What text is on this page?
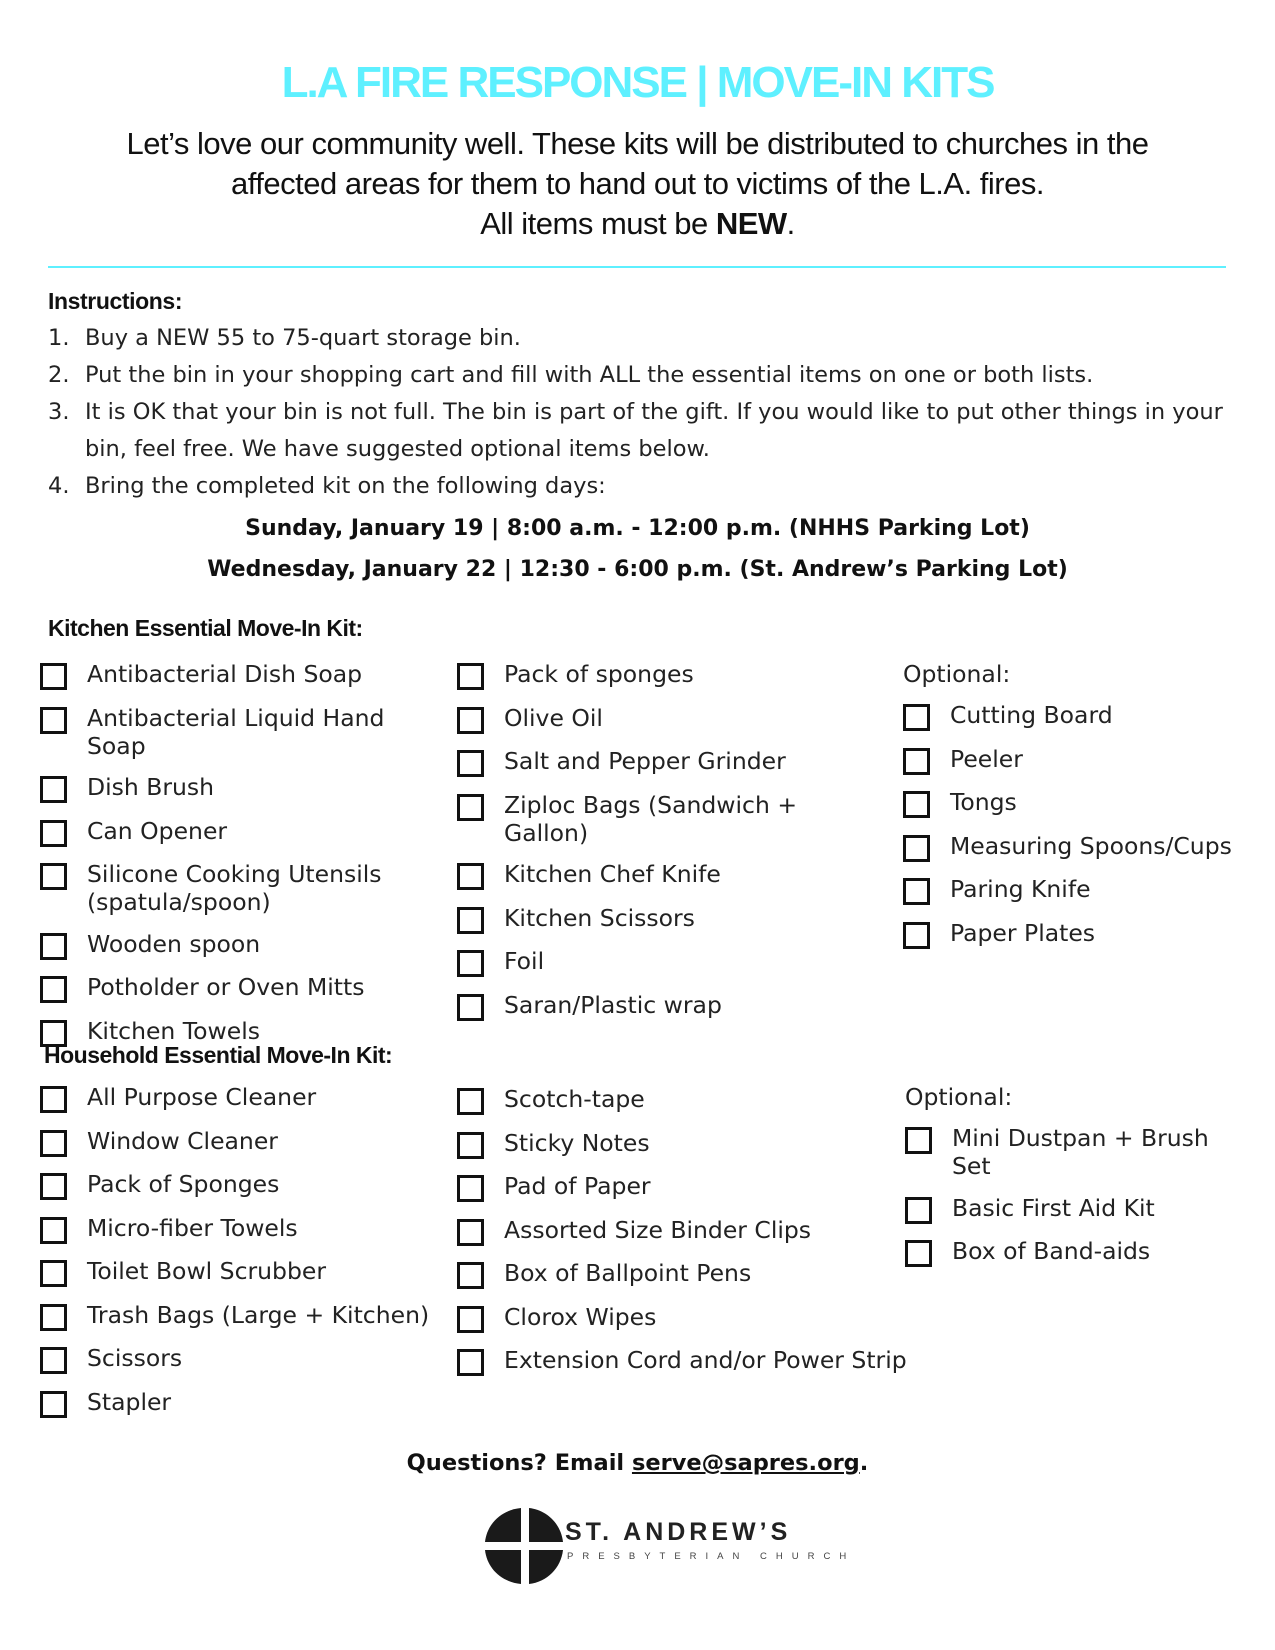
L.A FIRE RESPONSE | MOVE-IN KITS

Let’s love our community well. These kits will be distributed to churches in the

affected areas for them to hand out to victims of the L.A. fires.

All items must be NEW.

Instructions:
1. Buy a NEW 55 to 75-quart storage bin.
2. Put the bin in your shopping cart and fill with ALL the essential items on one or both lists.
3. It is OK that your bin is not full. The bin is part of the gift. If you would like to put other things in your bin, feel free. We have suggested optional items below.
4. Bring the completed kit on the following days:
Sunday, January 19 | 8:00 a.m. - 12:00 p.m. (NHHS Parking Lot)
Wednesday, January 22 | 12:30 - 6:00 p.m. (St. Andrew’s Parking Lot)
Kitchen Essential Move-In Kit:
Antibacterial Dish Soap
Antibacterial Liquid Hand Soap
Dish Brush
Can Opener
Silicone Cooking Utensils (spatula/spoon)
Wooden spoon
Potholder or Oven Mitts
Kitchen Towels
Pack of sponges
Olive Oil
Salt and Pepper Grinder
Ziploc Bags (Sandwich + Gallon)
Kitchen Chef Knife
Kitchen Scissors
Foil
Saran/Plastic wrap
Optional:
Cutting Board
Peeler
Tongs
Measuring Spoons/Cups
Paring Knife
Paper Plates
Household Essential Move-In Kit:
All Purpose Cleaner
Window Cleaner
Pack of Sponges
Micro-fiber Towels
Toilet Bowl Scrubber
Trash Bags (Large + Kitchen)
Scissors
Stapler
Scotch-tape
Sticky Notes
Pad of Paper
Assorted Size Binder Clips
Box of Ballpoint Pens
Clorox Wipes
Extension Cord and/or Power Strip
Optional:
Mini Dustpan + Brush Set
Basic First Aid Kit
Box of Band-aids
Questions? Email serve@sapres.org.
ST. ANDREW’S
PRESBYTERIAN CHURCH
